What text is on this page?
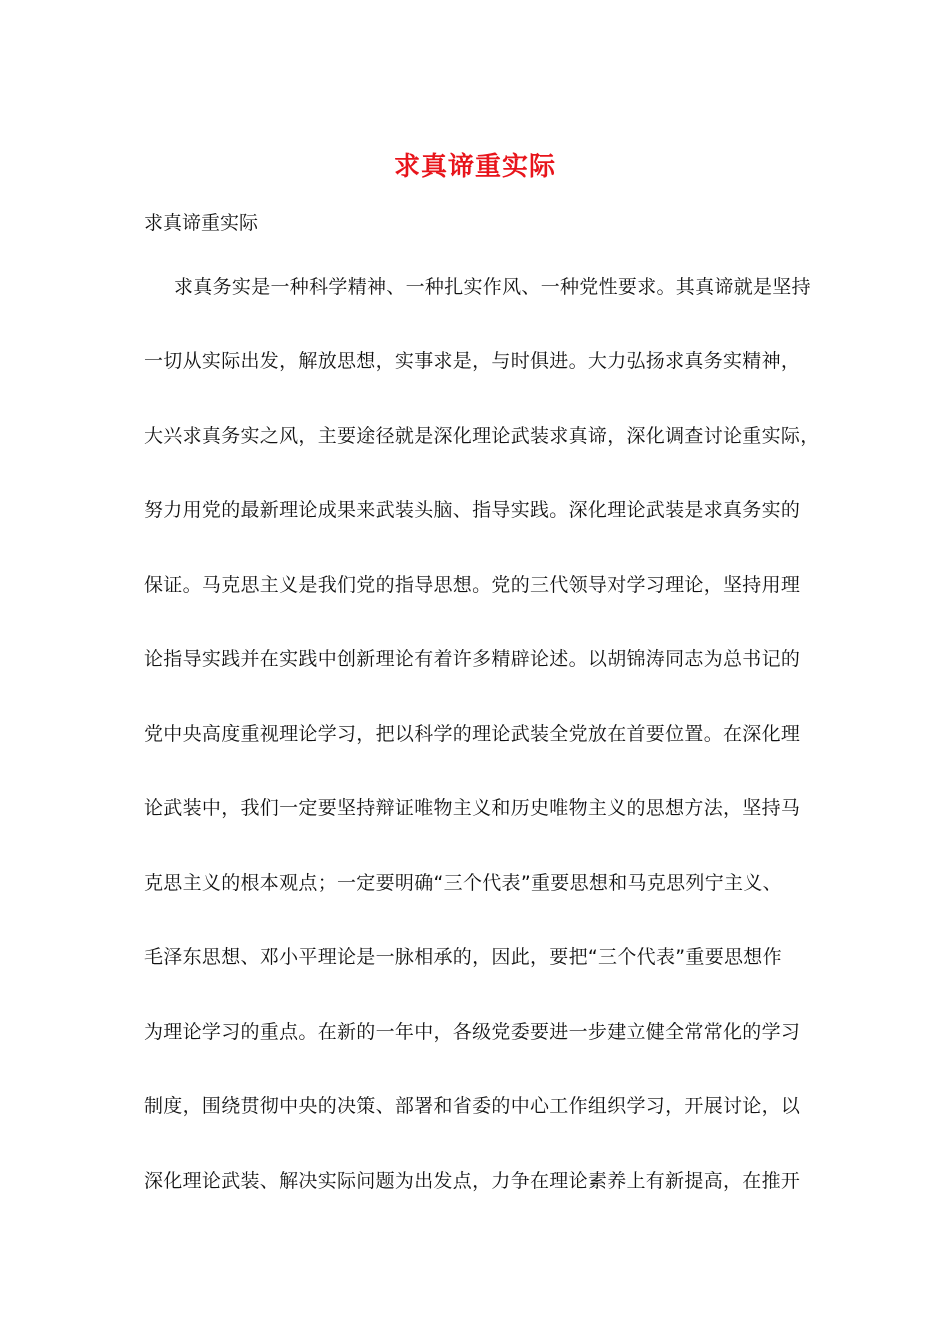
求真谛重实际
求真谛重实际
求真务实是一种科学精神、一种扎实作风、一种党性要求。其真谛就是坚持
一切从实际出发，解放思想，实事求是，与时俱进。大力弘扬求真务实精神，
大兴求真务实之风，主要途径就是深化理论武装求真谛，深化调查讨论重实际，
努力用党的最新理论成果来武装头脑、指导实践。深化理论武装是求真务实的
保证。马克思主义是我们党的指导思想。党的三代领导对学习理论，坚持用理
论指导实践并在实践中创新理论有着许多精辟论述。以胡锦涛同志为总书记的
党中央高度重视理论学习，把以科学的理论武装全党放在首要位置。在深化理
论武装中，我们一定要坚持辩证唯物主义和历史唯物主义的思想方法，坚持马
克思主义的根本观点；一定要明确“三个代表”重要思想和马克思列宁主义、
毛泽东思想、邓小平理论是一脉相承的，因此，要把“三个代表”重要思想作
为理论学习的重点。在新的一年中，各级党委要进一步建立健全常常化的学习
制度，围绕贯彻中央的决策、部署和省委的中心工作组织学习，开展讨论，以
深化理论武装、解决实际问题为出发点，力争在理论素养上有新提高，在推开
